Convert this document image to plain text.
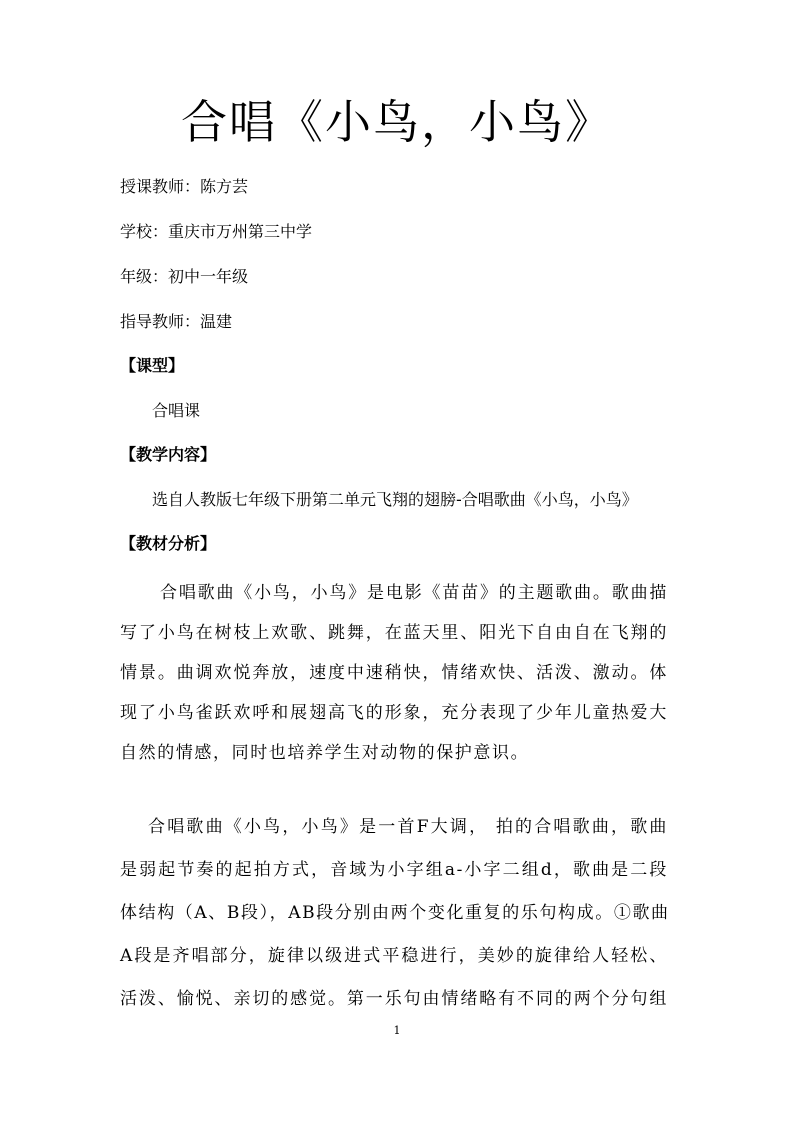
合唱《小鸟，小鸟》
授课教师：陈方芸
学校：重庆市万州第三中学
年级：初中一年级
指导教师：温建
【课型】
合唱课
【教学内容】
选自人教版七年级下册第二单元飞翔的翅膀-合唱歌曲《小鸟，小鸟》
【教材分析】
合唱歌曲《小鸟，小鸟》是电影《苗苗》的主题歌曲。歌曲描
写了小鸟在树枝上欢歌、跳舞，在蓝天里、阳光下自由自在飞翔的
情景。曲调欢悦奔放，速度中速稍快，情绪欢快、活泼、激动。体
现了小鸟雀跃欢呼和展翅高飞的形象，充分表现了少年儿童热爱大
自然的情感，同时也培养学生对动物的保护意识。
合唱歌曲《小鸟，小鸟》是一首F大调， 拍的合唱歌曲，歌曲
是弱起节奏的起拍方式，音域为小字组a-小字二组d，歌曲是二段
体结构（A、B段），AB段分别由两个变化重复的乐句构成。①歌曲
A段是齐唱部分，旋律以级进式平稳进行，美妙的旋律给人轻松、
活泼、愉悦、亲切的感觉。第一乐句由情绪略有不同的两个分句组
1
